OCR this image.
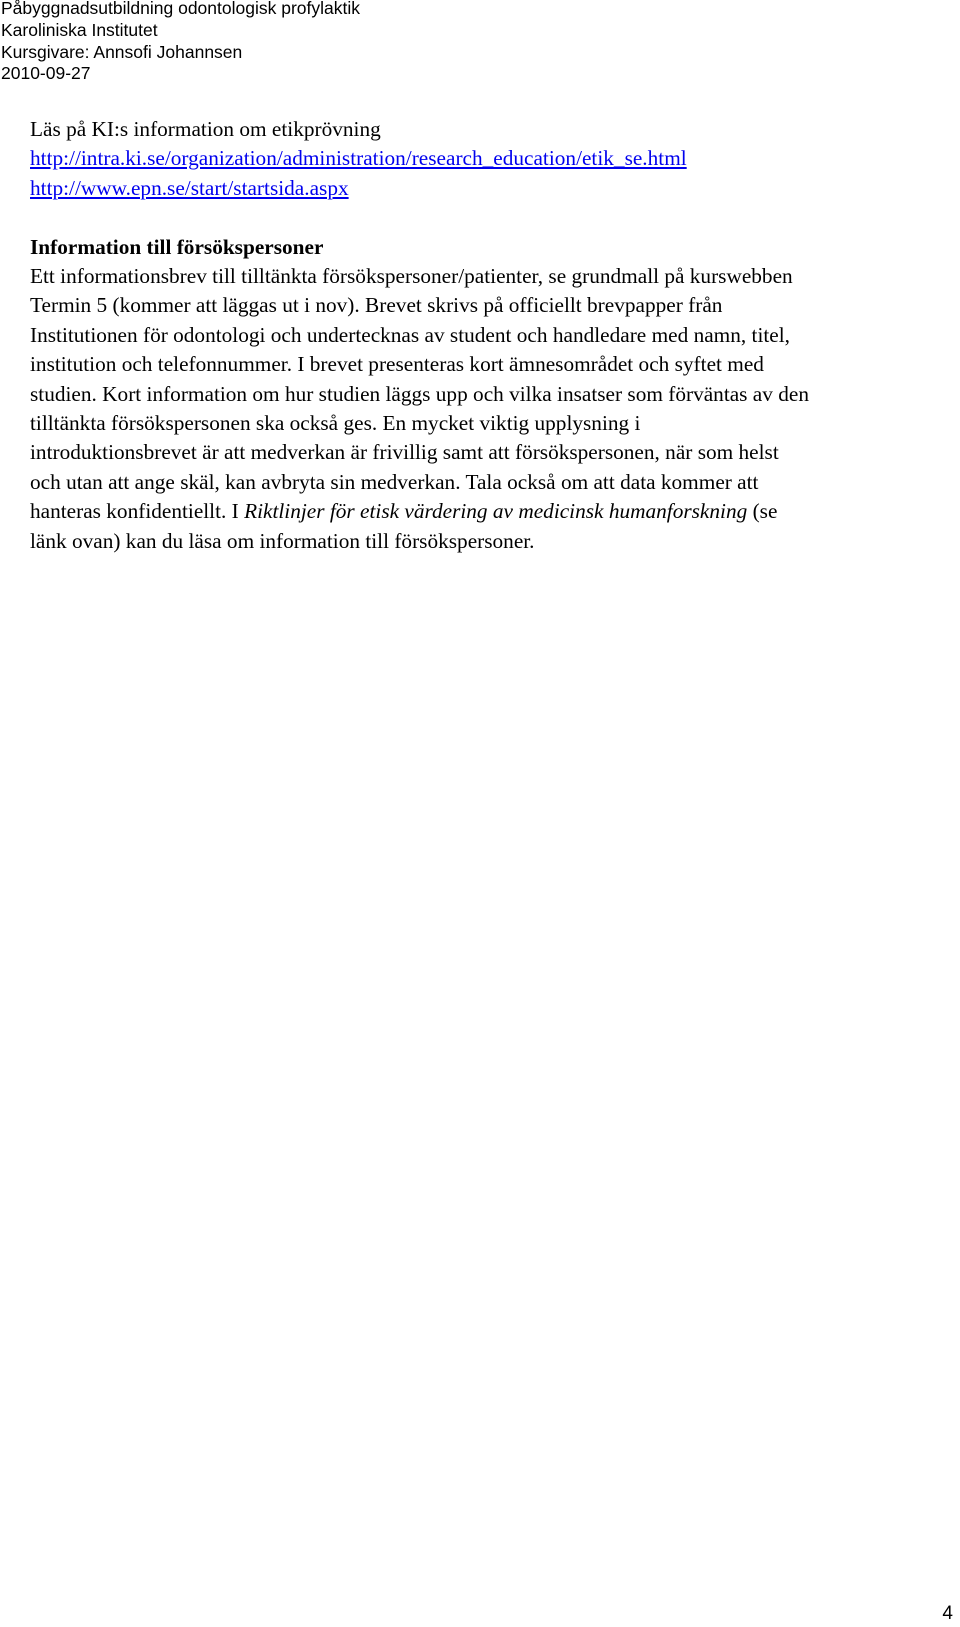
Påbyggnadsutbildning odontologisk profylaktik
Karoliniska Institutet
Kursgivare: Annsofi Johannsen
2010-09-27
Läs på KI:s information om etikprövning
http://intra.ki.se/organization/administration/research_education/etik_se.html
http://www.epn.se/start/startsida.aspx
Information till försökspersoner
Ett informationsbrev till tilltänkta försökspersoner/patienter, se grundmall på kurswebben
Termin 5 (kommer att läggas ut i nov). Brevet skrivs på officiellt brevpapper från
Institutionen för odontologi och undertecknas av student och handledare med namn, titel,
institution och telefonnummer. I brevet presenteras kort ämnesområdet och syftet med
studien. Kort information om hur studien läggs upp och vilka insatser som förväntas av den
tilltänkta försökspersonen ska också ges. En mycket viktig upplysning i
introduktionsbrevet är att medverkan är frivillig samt att försökspersonen, när som helst
och utan att ange skäl, kan avbryta sin medverkan. Tala också om att data kommer att
hanteras konfidentiellt. I Riktlinjer för etisk värdering av medicinsk humanforskning (se
länk ovan) kan du läsa om information till försökspersoner.
4
